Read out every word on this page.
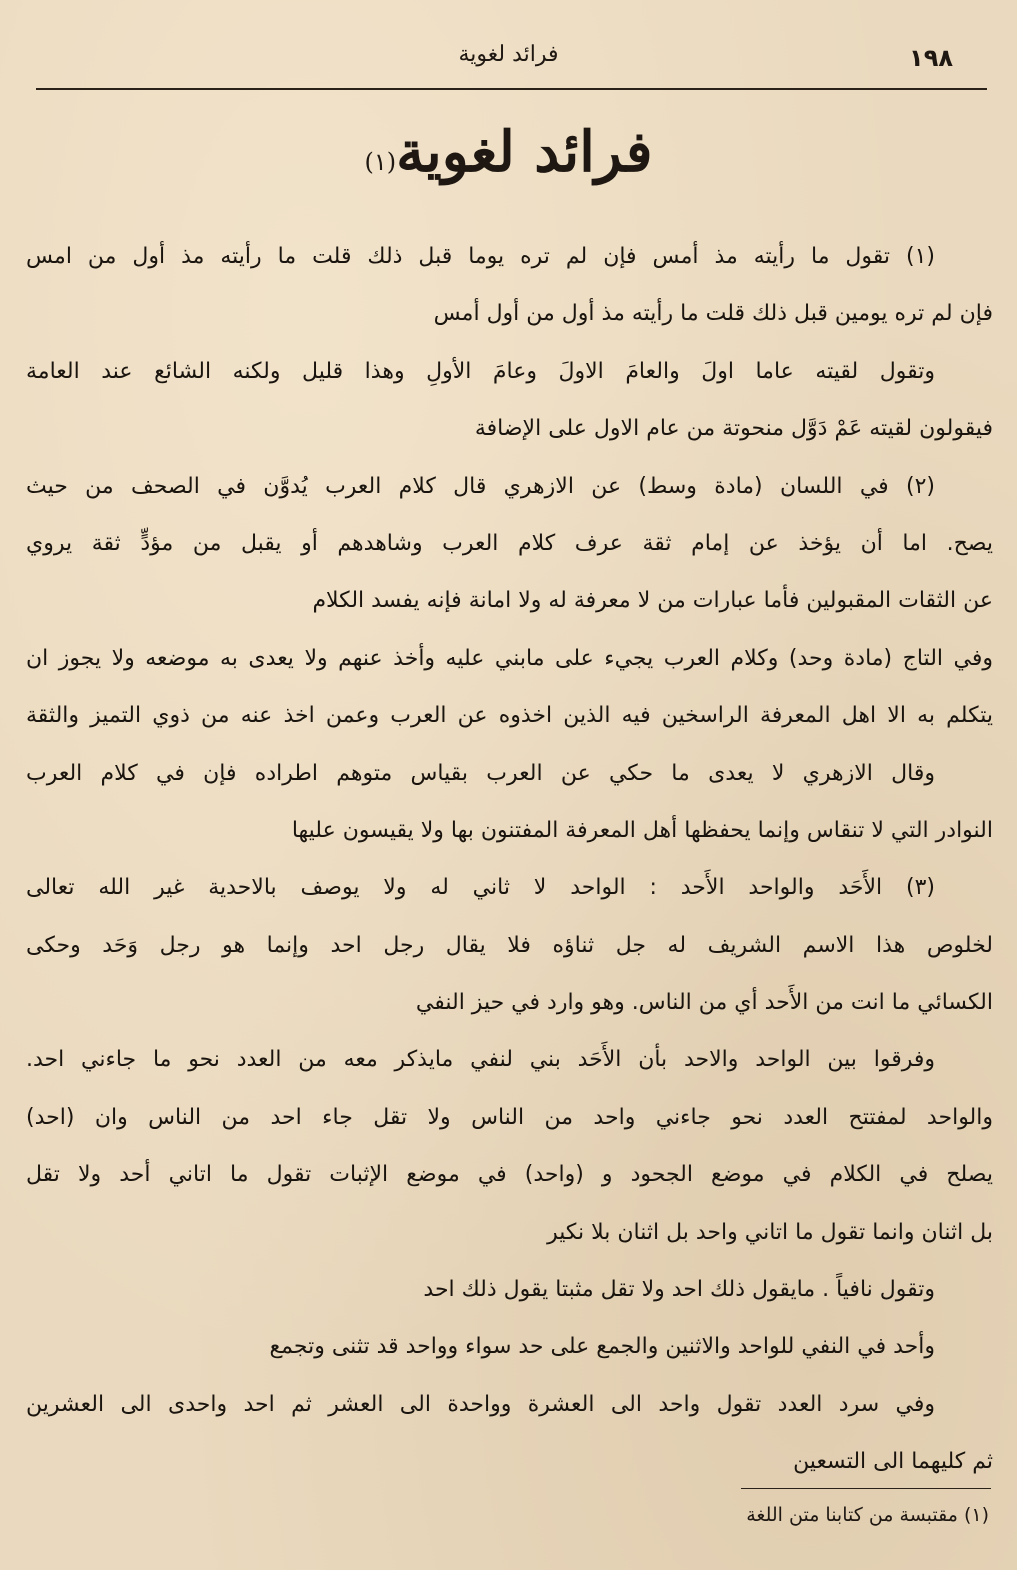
١٩٨
فرائد لغوية
فرائد لغوية$^{(١)}$
(١) تقول ما رأيته مذ أمس فإن لم تره يوما قبل ذلك قلت ما رأيته مذ أول من امس
فإن لم تره يومين قبل ذلك قلت ما رأيته مذ أول من أول أمس
وتقول لقيته عاما اولَ والعامَ الاولَ وعامَ الأولِ وهذا قليل ولكنه الشائع عند العامة
فيقولون لقيته عَمْ دَوَّل منحوتة من عام الاول على الإضافة
(٢) في اللسان (مادة وسط) عن الازهري قال كلام العرب يُدوَّن في الصحف من حيث
يصح. اما أن يؤخذ عن إمام ثقة عرف كلام العرب وشاهدهم أو يقبل من مؤدٍّ ثقة يروي
عن الثقات المقبولين فأما عبارات من لا معرفة له ولا امانة فإنه يفسد الكلام
وفي التاج (مادة وحد) وكلام العرب يجيء على مابني عليه وأخذ عنهم ولا يعدى به موضعه ولا يجوز ان
يتكلم به الا اهل المعرفة الراسخين فيه الذين اخذوه عن العرب وعمن اخذ عنه من ذوي التميز والثقة
وقال الازهري لا يعدى ما حكي عن العرب بقياس متوهم اطراده فإن في كلام العرب
النوادر التي لا تنقاس وإنما يحفظها أهل المعرفة المفتنون بها ولا يقيسون عليها
(٣) الأَحَد والواحد الأَحد : الواحد لا ثاني له ولا يوصف بالاحدية غير الله تعالى
لخلوص هذا الاسم الشريف له جل ثناؤه فلا يقال رجل احد وإنما هو رجل وَحَد وحكى
الكسائي ما انت من الأَحد أي من الناس. وهو وارد في حيز النفي
وفرقوا بين الواحد والاحد بأن الأَحَد بني لنفي مايذكر معه من العدد نحو ما جاءني احد.
والواحد لمفتتح العدد نحو جاءني واحد من الناس ولا تقل جاء احد من الناس وان (احد)
يصلح في الكلام في موضع الجحود و (واحد) في موضع الإثبات تقول ما اتاني أحد ولا تقل
بل اثنان وانما تقول ما اتاني واحد بل اثنان بلا نكير
وتقول نافياً . مايقول ذلك احد ولا تقل مثبتا يقول ذلك احد
وأحد في النفي للواحد والاثنين والجمع على حد سواء وواحد قد تثنى وتجمع
وفي سرد العدد تقول واحد الى العشرة وواحدة الى العشر ثم احد واحدى الى العشرين
ثم كليهما الى التسعين
(١) مقتبسة من كتابنا متن اللغة
